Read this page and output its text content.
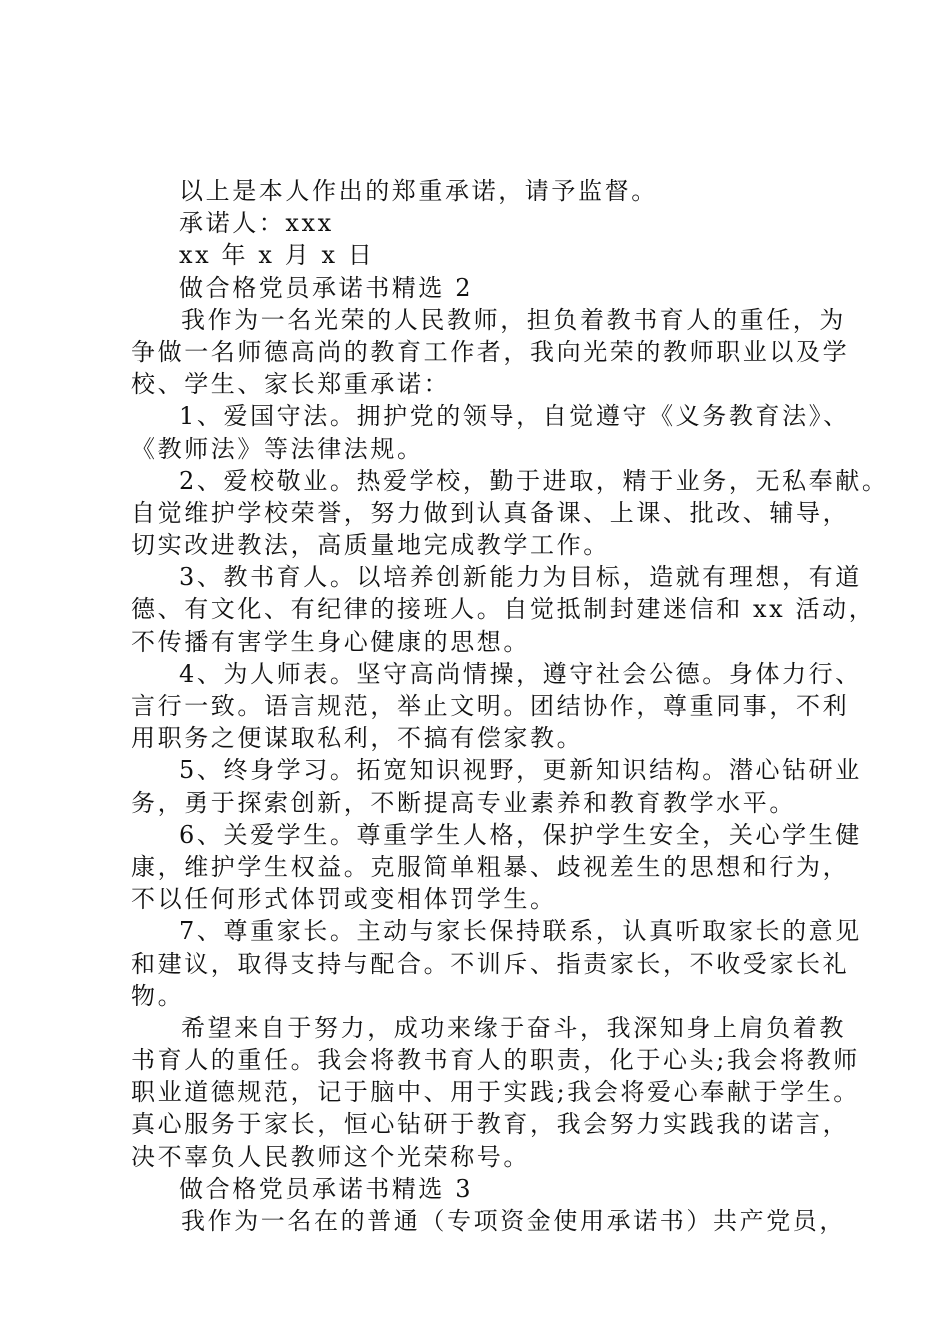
以上是本人作出的郑重承诺，请予监督。
承诺人：xxx
xx 年 x 月 x 日
做合格党员承诺书精选 2
我作为一名光荣的人民教师，担负着教书育人的重任，为
争做一名师德高尚的教育工作者，我向光荣的教师职业以及学
校、学生、家长郑重承诺：
1、爱国守法。拥护党的领导，自觉遵守《义务教育法》、
《教师法》等法律法规。
2、爱校敬业。热爱学校，勤于进取，精于业务，无私奉献。
自觉维护学校荣誉，努力做到认真备课、上课、批改、辅导，
切实改进教法，高质量地完成教学工作。
3、教书育人。以培养创新能力为目标，造就有理想，有道
德、有文化、有纪律的接班人。自觉抵制封建迷信和 xx 活动，
不传播有害学生身心健康的思想。
4、为人师表。坚守高尚情操，遵守社会公德。身体力行、
言行一致。语言规范，举止文明。团结协作，尊重同事，不利
用职务之便谋取私利，不搞有偿家教。
5、终身学习。拓宽知识视野，更新知识结构。潜心钻研业
务，勇于探索创新，不断提高专业素养和教育教学水平。
6、关爱学生。尊重学生人格，保护学生安全，关心学生健
康，维护学生权益。克服简单粗暴、歧视差生的思想和行为，
不以任何形式体罚或变相体罚学生。
7、尊重家长。主动与家长保持联系，认真听取家长的意见
和建议，取得支持与配合。不训斥、指责家长，不收受家长礼
物。
希望来自于努力，成功来缘于奋斗，我深知身上肩负着教
书育人的重任。我会将教书育人的职责，化于心头;我会将教师
职业道德规范，记于脑中、用于实践;我会将爱心奉献于学生。
真心服务于家长，恒心钻研于教育，我会努力实践我的诺言，
决不辜负人民教师这个光荣称号。
做合格党员承诺书精选 3
我作为一名在的普通（专项资金使用承诺书）共产党员，
